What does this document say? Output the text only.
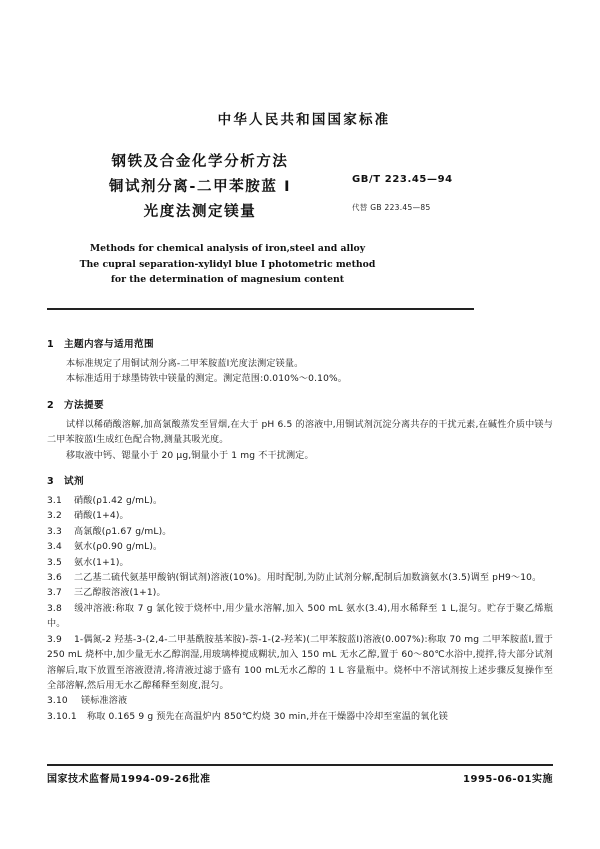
中华人民共和国国家标准
钢铁及合金化学分析方法
铜试剂分离-二甲苯胺蓝 Ⅰ
光度法测定镁量
GB/T 223.45—94
代替 GB 223.45—85
Methods for chemical analysis of iron,steel and alloy
The cupral separation-xylidyl blue Ⅰ photometric method
for the determination of magnesium content
1 主题内容与适用范围

本标准规定了用铜试剂分离-二甲苯胺蓝Ⅰ光度法测定镁量。

本标准适用于球墨铸铁中镁量的测定。测定范围:0.010%～0.10%。

2 方法提要

试样以稀硝酸溶解,加高氯酸蒸发至冒烟,在大于 pH 6.5 的溶液中,用铜试剂沉淀分离共存的干扰元素,在碱性介质中镁与二甲苯胺蓝Ⅰ生成红色配合物,测量其吸光度。

移取液中钙、锶量小于 20 μg,铜量小于 1 mg 不干扰测定。

3 试剂

3.1 硝酸(ρ1.42 g/mL)。

3.2 硝酸(1+4)。

3.3 高氯酸(ρ1.67 g/mL)。

3.4 氨水(ρ0.90 g/mL)。

3.5 氨水(1+1)。

3.6 二乙基二硫代氨基甲酸钠(铜试剂)溶液(10%)。用时配制,为防止试剂分解,配制后加数滴氨水(3.5)调至 pH9～10。

3.7 三乙醇胺溶液(1+1)。

3.8 缓冲溶液:称取 7 g 氯化铵于烧杯中,用少量水溶解,加入 500 mL 氨水(3.4),用水稀释至 1 L,混匀。贮存于聚乙烯瓶中。

3.9 1-偶氮-2 羟基-3-(2,4-二甲基酰胺基苯胺)-萘-1-(2-羟苯)(二甲苯胺蓝Ⅰ)溶液(0.007%):称取 70 mg 二甲苯胺蓝Ⅰ,置于 250 mL 烧杯中,加少量无水乙醇润湿,用玻璃棒搅成糊状,加入 150 mL 无水乙醇,置于 60～80℃水浴中,搅拌,待大部分试剂溶解后,取下放置至溶液澄清,将清液过滤于盛有 100 mL无水乙醇的 1 L 容量瓶中。烧杯中不溶试剂按上述步骤反复操作至全部溶解,然后用无水乙醇稀释至刻度,混匀。

3.10 镁标准溶液

3.10.1 称取 0.165 9 g 预先在高温炉内 850℃灼烧 30 min,并在干燥器中冷却至室温的氧化镁

国家技术监督局1994-09-26批准	1995-06-01实施
